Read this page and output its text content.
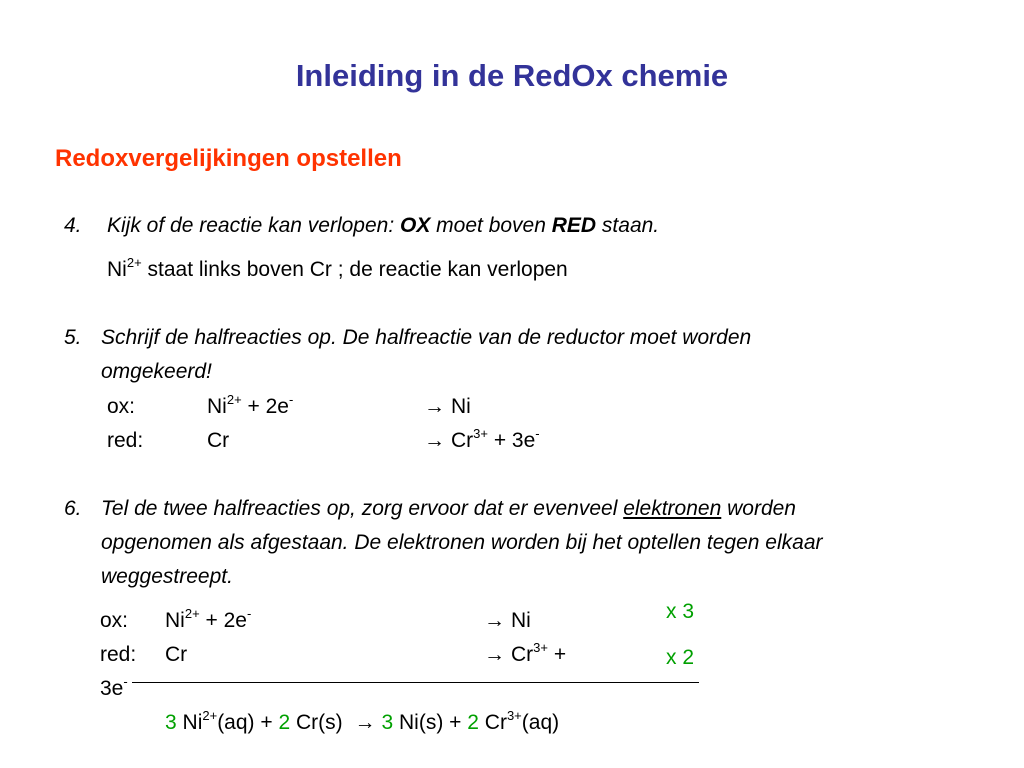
Inleiding in de RedOx chemie
Redoxvergelijkingen opstellen
4. Kijk of de reactie kan verlopen: OX moet boven RED staan.
$Ni^{2+}$ staat links boven Cr ; de reactie kan verlopen
5. Schrijf de halfreacties op. De halfreactie van de reductor moet worden
omgekeerd!
ox:	$Ni^{2+} + 2e^-$	→ Ni
red:	Cr	→ $Cr^{3+} + 3e^-$
6. Tel de twee halfreacties op, zorg ervoor dat er evenveel elektronen worden
opgenomen als afgestaan. De elektronen worden bij het optellen tegen elkaar
weggestreept.
ox: $Ni^{2+} + 2e^-$	→ Ni	x 3
red: Cr	→ $Cr^{3+}$ +	x 2
3e-
3 $Ni^{2+}(aq) + 2$ Cr(s) → 3 Ni(s) + 2 $Cr^{3+}(aq)$
